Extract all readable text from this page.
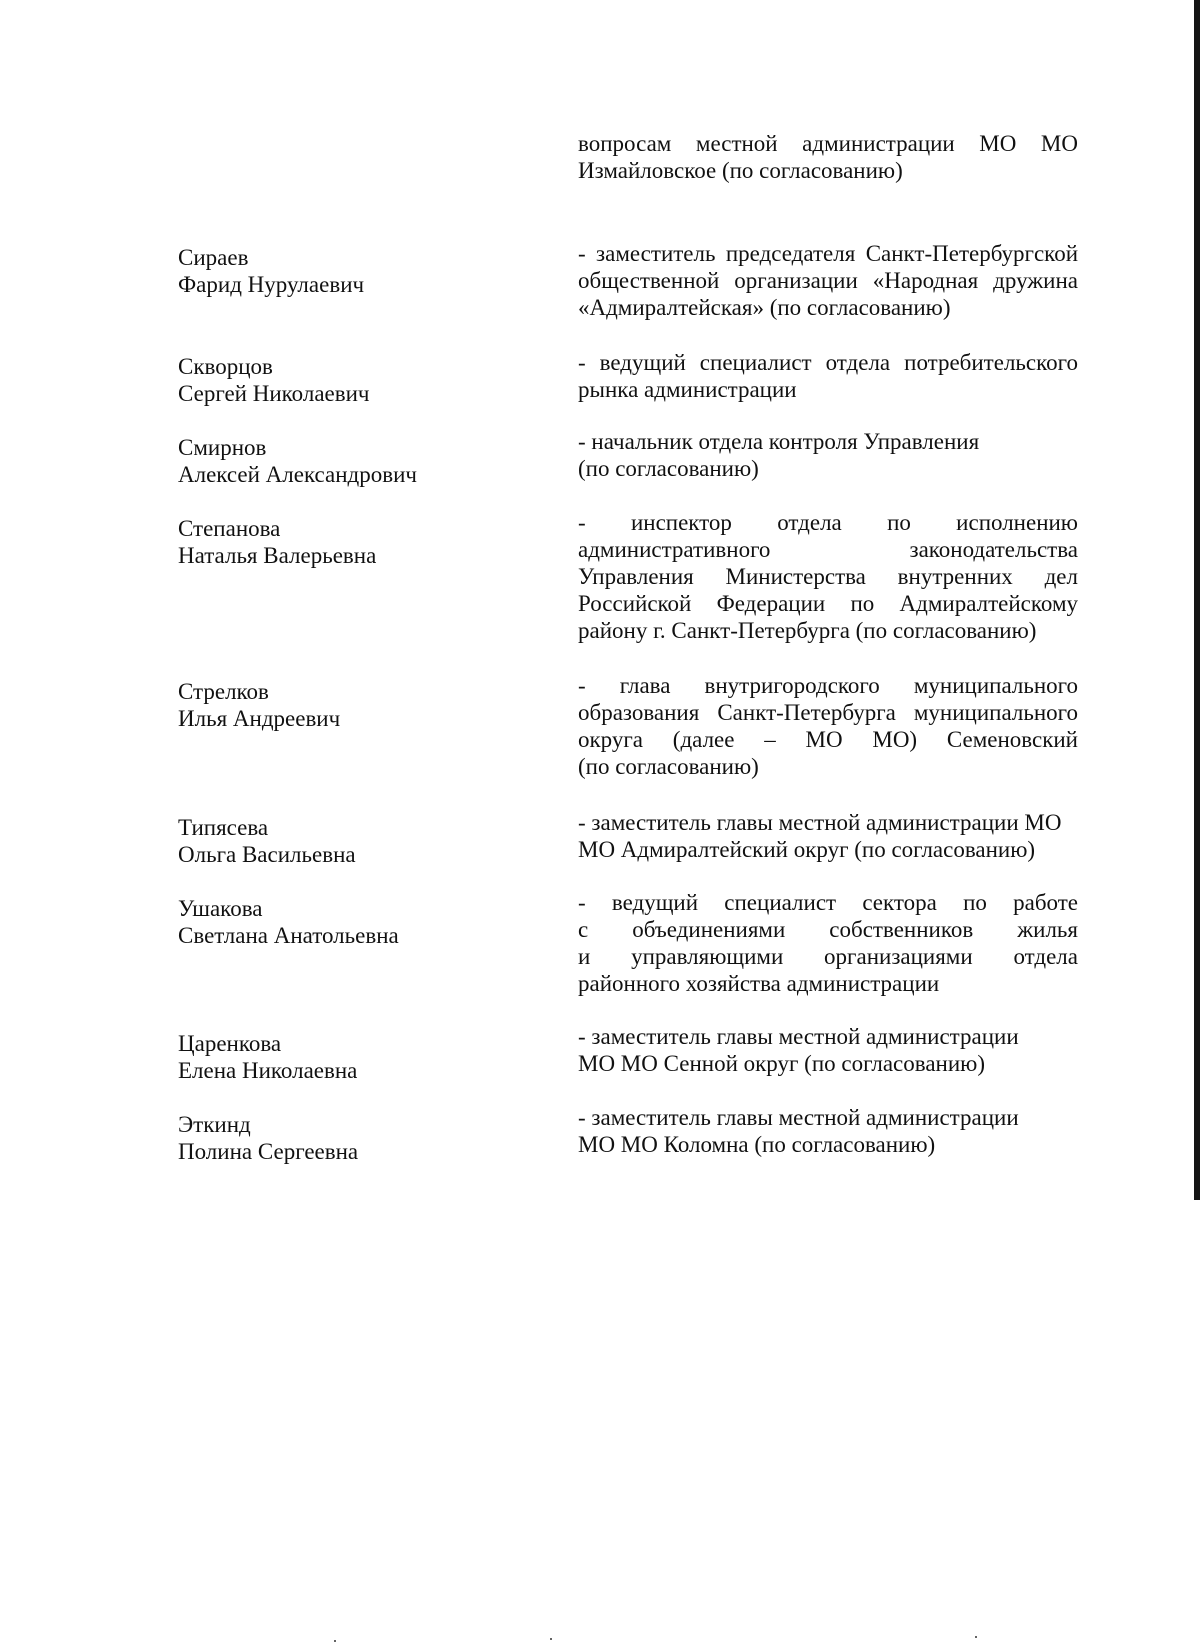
вопросам местной администрации МО МО
Измайловское (по согласованию)
Сираев
Фарид Нурулаевич
- заместитель председателя Санкт-Петербургской
общественной организации «Народная дружина
«Адмиралтейская» (по согласованию)
Скворцов
Сергей Николаевич
- ведущий специалист отдела потребительского
рынка администрации
Смирнов
Алексей Александрович
- начальник отдела контроля Управления
(по согласованию)
Степанова
Наталья Валерьевна
- инспектор отдела по исполнению
административного законодательства
Управления Министерства внутренних дел
Российской Федерации по Адмиралтейскому
району г. Санкт-Петербурга (по согласованию)
Стрелков
Илья Андреевич
- глава внутригородского муниципального
образования Санкт-Петербурга муниципального
округа (далее – МО МО) Семеновский
(по согласованию)
Типясева
Ольга Васильевна
- заместитель главы местной администрации МО
МО Адмиралтейский округ (по согласованию)
Ушакова
Светлана Анатольевна
- ведущий специалист сектора по работе
с объединениями собственников жилья
и управляющими организациями отдела
районного хозяйства администрации
Царенкова
Елена Николаевна
- заместитель главы местной администрации
МО МО Сенной округ (по согласованию)
Эткинд
Полина Сергеевна
- заместитель главы местной администрации
МО МО Коломна (по согласованию)
